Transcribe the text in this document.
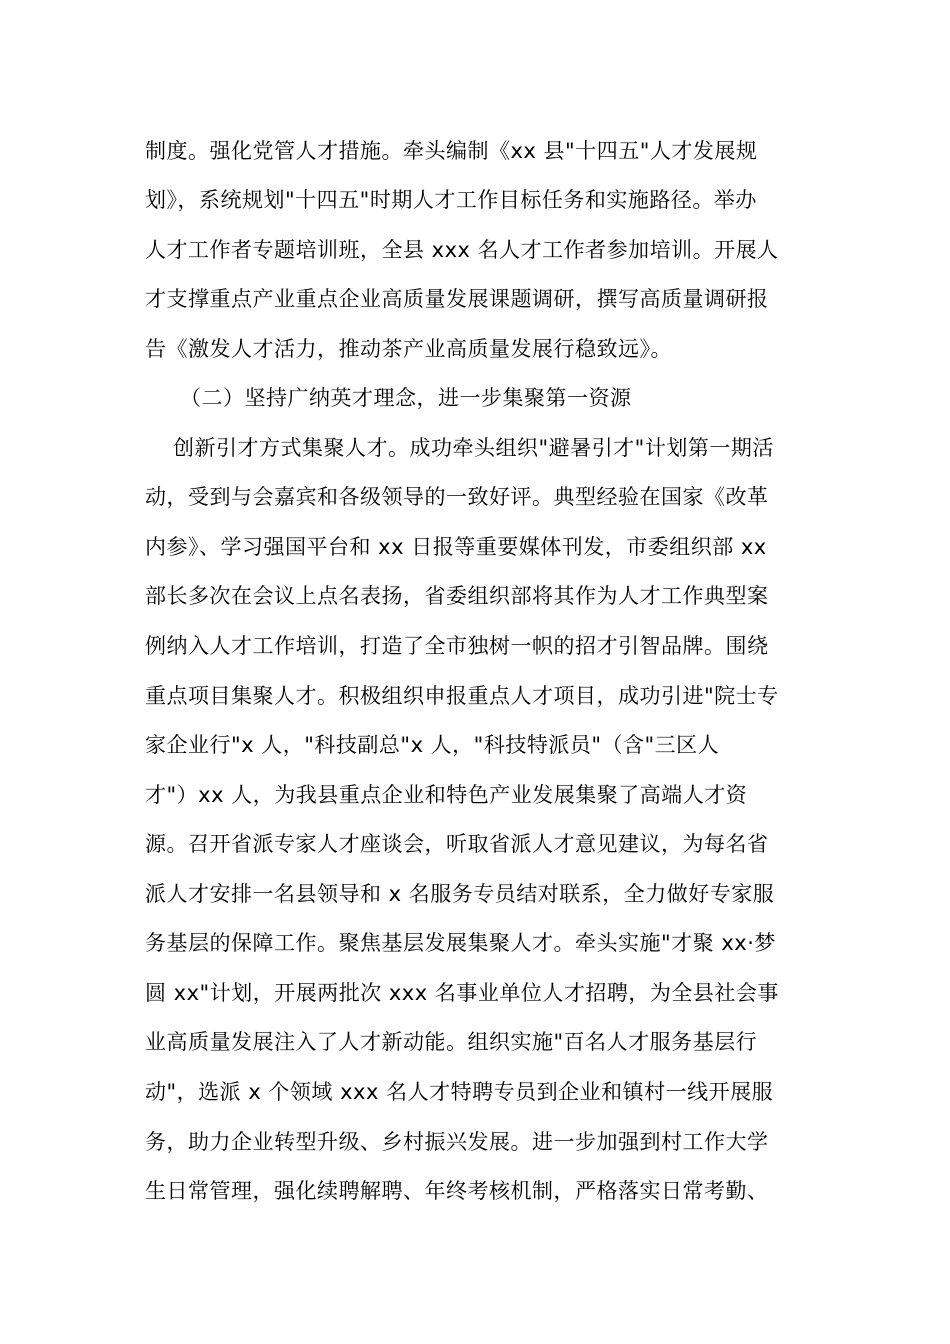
制度。强化党管人才措施。牵头编制《xx 县"十四五"人才发展规
划》，系统规划"十四五"时期人才工作目标任务和实施路径。举办
人才工作者专题培训班，全县 xxx 名人才工作者参加培训。开展人
才支撑重点产业重点企业高质量发展课题调研，撰写高质量调研报
告《激发人才活力，推动茶产业高质量发展行稳致远》。
（二）坚持广纳英才理念，进一步集聚第一资源
创新引才方式集聚人才。成功牵头组织"避暑引才"计划第一期活
动，受到与会嘉宾和各级领导的一致好评。典型经验在国家《改革
内参》、学习强国平台和 xx 日报等重要媒体刊发，市委组织部 xx
部长多次在会议上点名表扬，省委组织部将其作为人才工作典型案
例纳入人才工作培训，打造了全市独树一帜的招才引智品牌。围绕
重点项目集聚人才。积极组织申报重点人才项目，成功引进"院士专
家企业行"x 人，"科技副总"x 人，"科技特派员"（含"三区人
才"）xx 人，为我县重点企业和特色产业发展集聚了高端人才资
源。召开省派专家人才座谈会，听取省派人才意见建议，为每名省
派人才安排一名县领导和 x 名服务专员结对联系，全力做好专家服
务基层的保障工作。聚焦基层发展集聚人才。牵头实施"才聚 xx·梦
圆 xx"计划，开展两批次 xxx 名事业单位人才招聘，为全县社会事
业高质量发展注入了人才新动能。组织实施"百名人才服务基层行
动"，选派 x 个领域 xxx 名人才特聘专员到企业和镇村一线开展服
务，助力企业转型升级、乡村振兴发展。进一步加强到村工作大学
生日常管理，强化续聘解聘、年终考核机制，严格落实日常考勤、
